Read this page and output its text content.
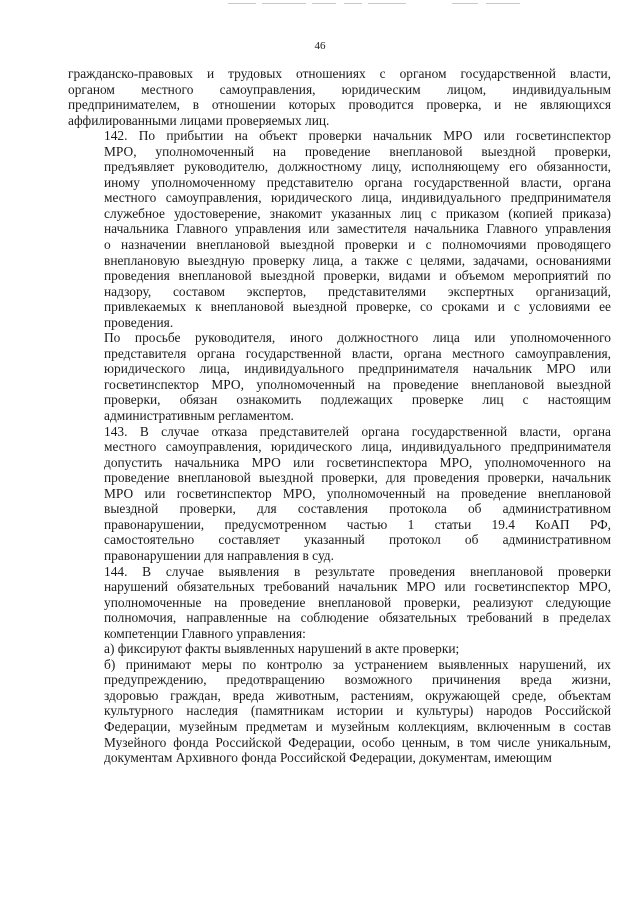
46

гражданско-правовых и трудовых отношениях с органом государственной власти,
органом местного самоуправления, юридическим лицом, индивидуальным
предпринимателем, в отношении которых проводится проверка, и не являющихся
аффилированными лицами проверяемых лиц.

142. По прибытии на объект проверки начальник МРО или госветинспектор
МРО, уполномоченный на проведение внеплановой выездной проверки,
предъявляет руководителю, должностному лицу, исполняющему его обязанности,
иному уполномоченному представителю органа государственной власти, органа
местного самоуправления, юридического лица, индивидуального предпринимателя
служебное удостоверение, знакомит указанных лиц с приказом (копией приказа)
начальника Главного управления или заместителя начальника Главного управления
о назначении внеплановой выездной проверки и с полномочиями проводящего
внеплановую выездную проверку лица, а также с целями, задачами, основаниями
проведения внеплановой выездной проверки, видами и объемом мероприятий по
надзору, составом экспертов, представителями экспертных организаций,
привлекаемых к внеплановой выездной проверке, со сроками и с условиями ее
проведения.

По просьбе руководителя, иного должностного лица или уполномоченного
представителя органа государственной власти, органа местного самоуправления,
юридического лица, индивидуального предпринимателя начальник МРО или
госветинспектор МРО, уполномоченный на проведение внеплановой выездной
проверки, обязан ознакомить подлежащих проверке лиц с настоящим
административным регламентом.

143. В случае отказа представителей органа государственной власти, органа
местного самоуправления, юридического лица, индивидуального предпринимателя
допустить начальника МРО или госветинспектора МРО, уполномоченного на
проведение внеплановой выездной проверки, для проведения проверки, начальник
МРО или госветинспектор МРО, уполномоченный на проведение внеплановой
выездной проверки, для составления протокола об административном
правонарушении, предусмотренном частью 1 статьи 19.4 КоАП РФ,
самостоятельно составляет указанный протокол об административном
правонарушении для направления в суд.

144. В случае выявления в результате проведения внеплановой проверки
нарушений обязательных требований начальник МРО или госветинспектор МРО,
уполномоченные на проведение внеплановой проверки, реализуют следующие
полномочия, направленные на соблюдение обязательных требований в пределах
компетенции Главного управления:

а) фиксируют факты выявленных нарушений в акте проверки;

б) принимают меры по контролю за устранением выявленных нарушений, их
предупреждению, предотвращению возможного причинения вреда жизни,
здоровью граждан, вреда животным, растениям, окружающей среде, объектам
культурного наследия (памятникам истории и культуры) народов Российской
Федерации, музейным предметам и музейным коллекциям, включенным в состав
Музейного фонда Российской Федерации, особо ценным, в том числе уникальным,
документам Архивного фонда Российской Федерации, документам, имеющим
